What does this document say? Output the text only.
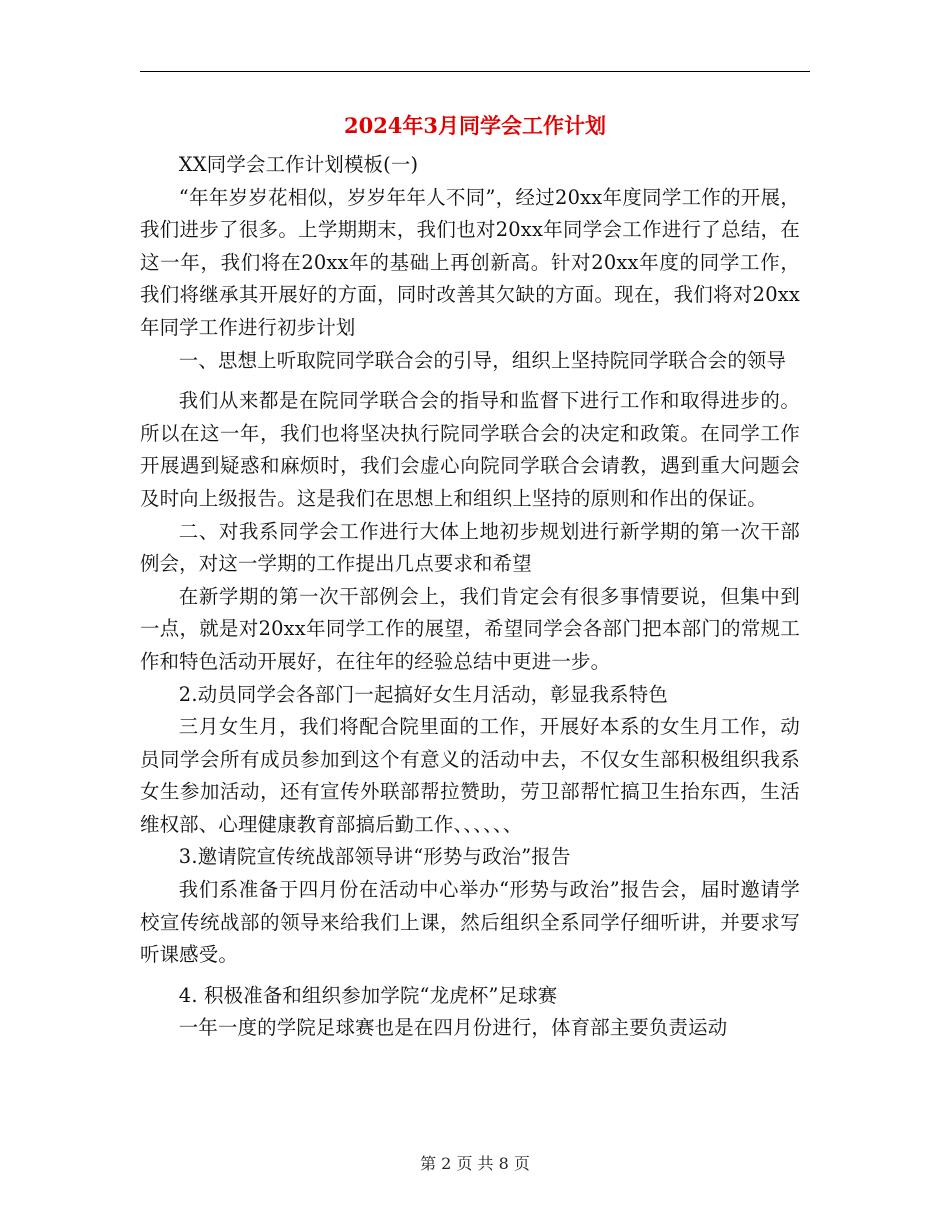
2024年3月同学会工作计划

XX同学会工作计划模板(一)

“年年岁岁花相似，岁岁年年人不同”，经过20xx年度同学工作的开展，我们进步了很多。上学期期末，我们也对20xx年同学会工作进行了总结，在这一年，我们将在20xx年的基础上再创新高。针对20xx年度的同学工作，我们将继承其开展好的方面，同时改善其欠缺的方面。现在，我们将对20xx年同学工作进行初步计划

一、思想上听取院同学联合会的引导，组织上坚持院同学联合会的领导

我们从来都是在院同学联合会的指导和监督下进行工作和取得进步的。所以在这一年，我们也将坚决执行院同学联合会的决定和政策。在同学工作开展遇到疑惑和麻烦时，我们会虚心向院同学联合会请教，遇到重大问题会及时向上级报告。这是我们在思想上和组织上坚持的原则和作出的保证。

二、对我系同学会工作进行大体上地初步规划进行新学期的第一次干部例会，对这一学期的工作提出几点要求和希望

在新学期的第一次干部例会上，我们肯定会有很多事情要说，但集中到一点，就是对20xx年同学工作的展望，希望同学会各部门把本部门的常规工作和特色活动开展好，在往年的经验总结中更进一步。

2.动员同学会各部门一起搞好女生月活动，彰显我系特色

三月女生月，我们将配合院里面的工作，开展好本系的女生月工作，动员同学会所有成员参加到这个有意义的活动中去，不仅女生部积极组织我系女生参加活动，还有宣传外联部帮拉赞助，劳卫部帮忙搞卫生抬东西，生活维权部、心理健康教育部搞后勤工作、、、、、、

3.邀请院宣传统战部领导讲“形势与政治”报告

我们系准备于四月份在活动中心举办“形势与政治”报告会，届时邀请学校宣传统战部的领导来给我们上课，然后组织全系同学仔细听讲，并要求写听课感受。

4. 积极准备和组织参加学院“龙虎杯”足球赛

一年一度的学院足球赛也是在四月份进行，体育部主要负责运动

第 2 页 共 8 页
